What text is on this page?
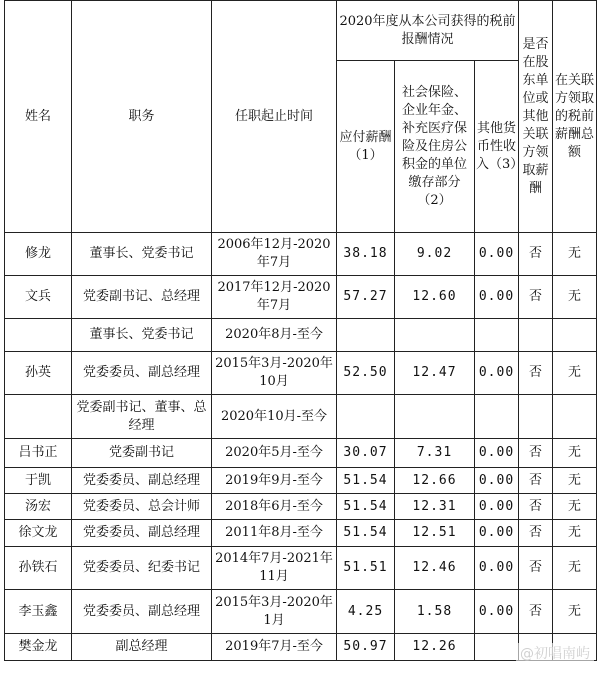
姓名	职务	任职起止时间	2020年度从本公司获得的税前报酬情况			是否在股东单位或其他关联方领取薪酬	在关联方领取的税前薪酬总额
			应付薪酬（1）	社会保险、企业年金、补充医疗保险及住房公积金的单位缴存部分（2）	其他货币性收入（3）		
修龙	董事长、党委书记	2006年12月-2020年7月	38.18	9.02	0.00	否	无
文兵	党委副书记、总经理	2017年12月-2020年7月	57.27	12.60	0.00	否	无
	董事长、党委书记	2020年8月-至今					
孙英	党委委员、副总经理	2015年3月-2020年10月	52.50	12.47	0.00	否	无
	党委副书记、董事、总经理	2020年10月-至今					
吕书正	党委副书记	2020年5月-至今	30.07	7.31	0.00	否	无
于凯	党委委员、副总经理	2019年9月-至今	51.54	12.66	0.00	否	无
汤宏	党委委员、总会计师	2018年6月-至今	51.54	12.31	0.00	否	无
徐文龙	党委委员、副总经理	2011年8月-至今	51.54	12.51	0.00	否	无
孙铁石	党委委员、纪委书记	2014年7月-2021年11月	51.51	12.46	0.00	否	无
李玉鑫	党委委员、副总经理	2015年3月-2020年1月	4.25	1.58	0.00	否	无
樊金龙	副总经理	2019年7月-至今	50.97	12.26				@初唱南屿
